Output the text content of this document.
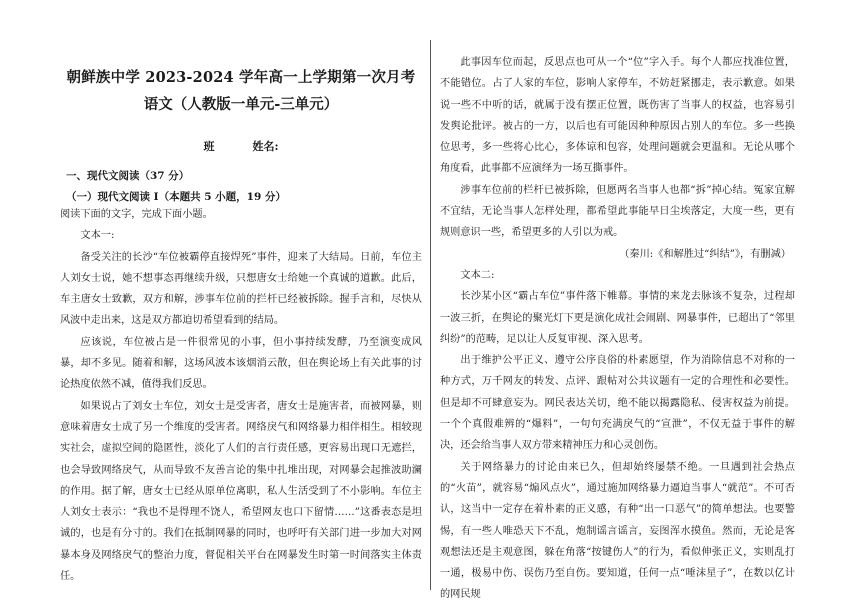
朝鲜族中学 2023-2024 学年高一上学期第一次月考
语文（人教版一单元-三单元）
班	姓名:
一、现代文阅读（37 分）
（一）现代文阅读 I（本题共 5 小题，19 分）

阅读下面的文字，完成下面小题。

文本一:

备受关注的长沙“车位被霸停直接焊死”事件，迎来了大结局。日前，车位主人刘女士说，她不想事态再继续升级，只想唐女士给她一个真诚的道歉。此后，车主唐女士致歉，双方和解，涉事车位前的拦杆已经被拆除。握手言和，尽快从风波中走出来，这是双方都迫切希望看到的结局。

应该说，车位被占是一件很常见的小事，但小事持续发酵，乃至演变成风暴，却不多见。随着和解，这场风波本该烟消云散，但在舆论场上有关此事的讨论热度依然不减，值得我们反思。

如果说占了刘女士车位，刘女士是受害者，唐女士是施害者，而被网暴，则意味着唐女士成了另一个维度的受害者。网络戾气和网络暴力相伴相生。相较现实社会，虚拟空间的隐匿性，淡化了人们的言行责任感，更容易出现口无遮拦，也会导致网络戾气，从而导致不友善言论的集中扎堆出现，对网暴会起推波助澜的作用。据了解，唐女士已经从原单位离职，私人生活受到了不小影响。车位主人刘女士表示：“我也不是得理不饶人，希望网友也口下留情……”这番表态是坦诚的，也是有分寸的。我们在抵制网暴的同时，也呼吁有关部门进一步加大对网暴本身及网络戾气的整治力度，督促相关平台在网暴发生时第一时间落实主体责任。

此事因车位而起，反思点也可从一个“位”字入手。每个人都应找准位置，不能错位。占了人家的车位，影响人家停车，不妨赶紧挪走，表示歉意。如果说一些不中听的话，就属于没有摆正位置，既伤害了当事人的权益，也容易引发舆论批评。被占的一方，以后也有可能因种种原因占别人的车位。多一些换位思考，多一些将心比心，多体谅和包容，处理问题就会更温和。无论从哪个角度看，此事都不应演绎为一场互撕事件。

涉事车位前的栏杆已被拆除，但愿两名当事人也都“拆”掉心结。冤家宜解不宜结，无论当事人怎样处理，都希望此事能早日尘埃落定，大度一些，更有规则意识一些，希望更多的人引以为戒。

（秦川:《和解胜过“纠结”》，有删减）

文本二:

长沙某小区“霸占车位”事件落下帷幕。事情的来龙去脉该不复杂，过程却一波三折，在舆论的聚光灯下更是演化成社会闹剧、网暴事件，已超出了“邻里纠纷”的范畴，足以让人反复审视、深入思考。

出于维护公平正义、遵守公序良俗的朴素愿望，作为消除信息不对称的一种方式，万千网友的转发、点评、跟帖对公共议题有一定的合理性和必要性。但是却不可肆意妄为。网民表达关切，绝不能以揭露隐私、侵害权益为前提。一个个真假难辨的“爆料”，一句句充满戾气的“宣泄”，不仅无益于事件的解决，还会给当事人双方带来精神压力和心灵创伤。

关于网络暴力的讨论由来已久，但却始终屡禁不绝。一旦遇到社会热点的“火苗”，就容易“煽风点火”，通过施加网络暴力逼迫当事人“就范”。不可否认，这当中一定存在着朴素的正义感，有种“出一口恶气”的简单想法。也要警惕，有一些人唯恐天下不乱，炮制谣言谣言，妄图浑水摸鱼。然而，无论是客观想法还是主观意图，躲在角落“按键伤人”的行为，看似伸张正义，实则乱打一通，极易中伤、误伤乃至自伤。要知道，任何一点“唾沫星子”，在数以亿计的网民规
